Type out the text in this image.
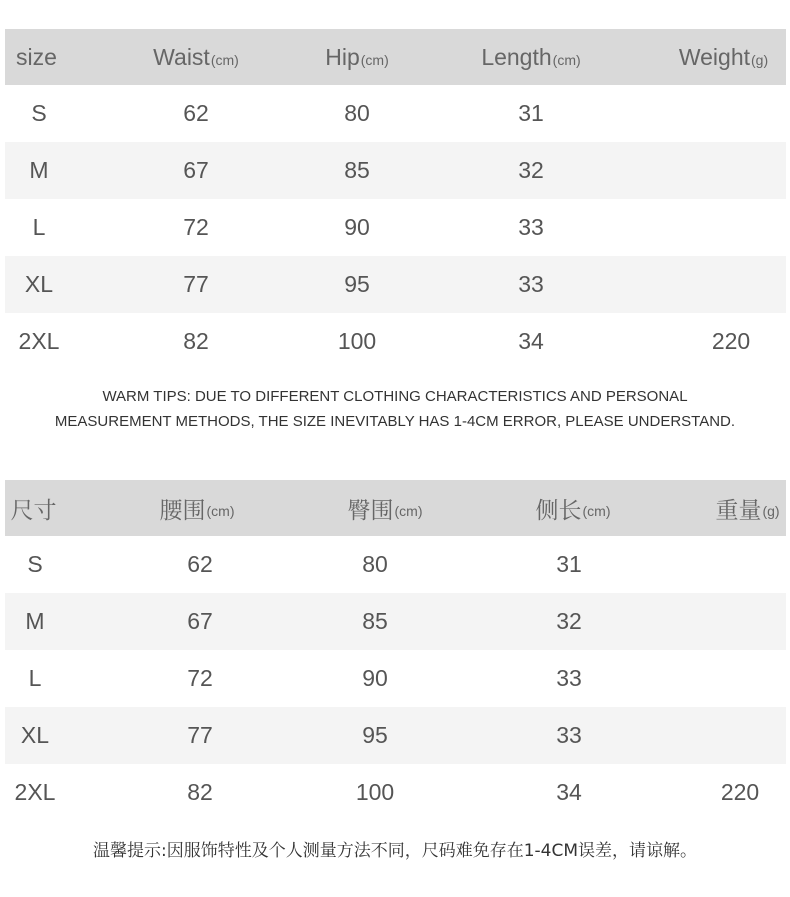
size	Waist (cm)	Hip (cm)	Length (cm)	Weight (g)
S	62	80	31
M	67	85	32
L	72	90	33
XL	77	95	33
2XL	82	100	34	220
WARM TIPS: DUE TO DIFFERENT CLOTHING CHARACTERISTICS AND PERSONAL
MEASUREMENT METHODS, THE SIZE INEVITABLY HAS 1-4CM ERROR, PLEASE UNDERSTAND.
尺寸	腰围 (cm)	臀围 (cm)	侧长 (cm)	重量 (g)
S	62	80	31
M	67	85	32
L	72	90	33
XL	77	95	33
2XL	82	100	34	220
温馨提示:因服饰特性及个人测量方法不同，尺码难免存在1-4CM误差，请谅解。
